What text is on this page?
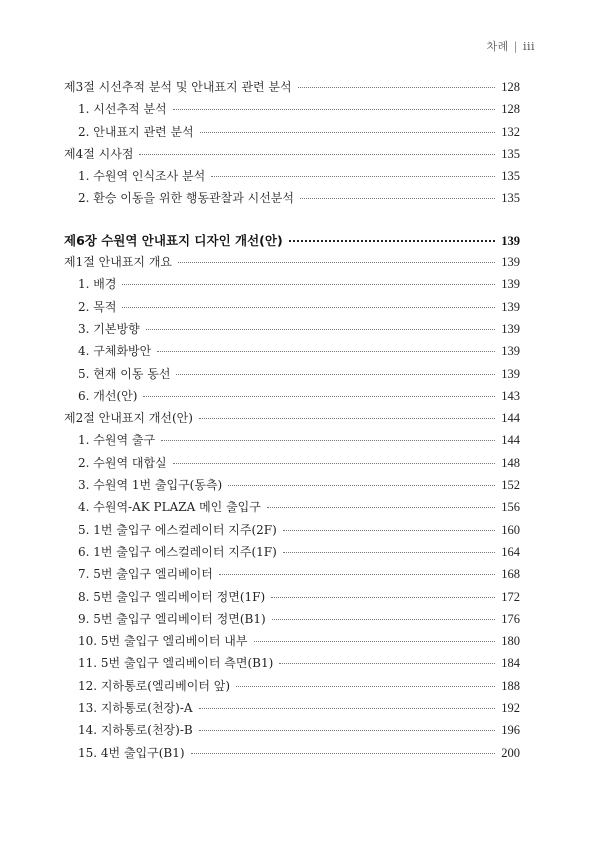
차례 | iii
제3절 시선추적 분석 및 안내표지 관련 분석	128
1. 시선추적 분석	128
2. 안내표지 관련 분석	132
제4절 시사점	135
1. 수원역 인식조사 분석	135
2. 환승 이동을 위한 행동관찰과 시선분석	135
제6장 수원역 안내표지 디자인 개선(안)	139
제1절 안내표지 개요	139
1. 배경	139
2. 목적	139
3. 기본방향	139
4. 구체화방안	139
5. 현재 이동 동선	139
6. 개선(안)	143
제2절 안내표지 개선(안)	144
1. 수원역 출구	144
2. 수원역 대합실	148
3. 수원역 1번 출입구(동측)	152
4. 수원역-AK PLAZA 메인 출입구	156
5. 1번 출입구 에스컬레이터 지주(2F)	160
6. 1번 출입구 에스컬레이터 지주(1F)	164
7. 5번 출입구 엘리베이터	168
8. 5번 출입구 엘리베이터 정면(1F)	172
9. 5번 출입구 엘리베이터 정면(B1)	176
10. 5번 출입구 엘리베이터 내부	180
11. 5번 출입구 엘리베이터 측면(B1)	184
12. 지하통로(엘리베이터 앞)	188
13. 지하통로(천장)-A	192
14. 지하통로(천장)-B	196
15. 4번 출입구(B1)	200
